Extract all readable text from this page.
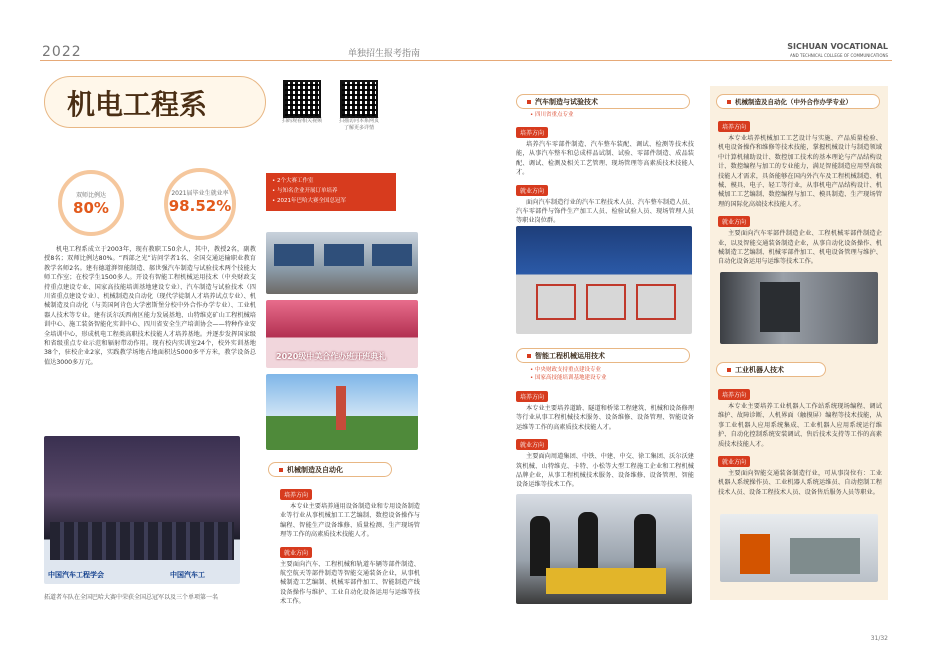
2022	单独招生报考指南
SICHUAN VOCATIONAL
AND TECHNICAL COLLEGE OF COMMUNICATIONS
机电工程系	扫码观看相关视频	扫描访问本系网页
了解更多详情
双师比例达
80%
2021届毕业生就业率
98.52%
机电工程系成立于2003年，现有教职工50余人，其中，教授2名，副教授8名；双师比例达80%。“西部之光”访问学者1名、全国交通运输职业教育教学名师2名。建有德道湃智能制造、郝世强汽车制造与试验技术两个技能大师工作室；在校学生1500多人。开设有智能工程机械运用技术（中央财政支持重点建设专业、国家高技能培训基地建设专业）、汽车制造与试验技术（四川省重点建设专业）、机械制造及自动化（现代学徒制人才培养试点专业）、机械制造及自动化（与美国阿肯色大学密斯堡分校中外合作办学专业）、工业机器人技术等专业。建有沃尔沃西南区能力发展基地、山特维克矿山工程机械培训中心、施工装备智能化实训中心、四川省安全生产培训协会——特种作业安全培训中心，形成机电工程类高职技术技能人才培养基地。并逐步发挥国家级和省级重点专业示范和辐射带动作用。现有校内实训室24个，校外实训基地38个，驻校企业2家，实践教学场地占地面积达5000多平方米，教学设备总值达3000多万元。
中国汽车工程学会	中国汽车工
拓道者车队在全国巴哈大赛中荣获全国总冠军以及三个单项第一名
• 2个大赛工作室
• 与知名企业开展订单培养
• 2021年巴哈大赛全国总冠军
2020级中美合作办班开班典礼
机械制造及自动化
培养方向
本专业主要培养通用设备制造业和专用设备制造业等行业从事机械加工工艺编制、数控设备操作与编程、智能生产设备维修、质量检测、生产现场管理等工作的高素质技术技能人才。
就业方向
主要面向汽车、工程机械和轨道车辆等部件制造、航空航天等部件制造等智能交通装备企业，从事机械制造工艺编制、机械零部件加工、智能制造产线设备操作与维护、工业自动化设备运用与运维等技术工作。
汽车制造与试验技术
• 四川省重点专业
培养方向
培养汽车零部件制造、汽车整车装配、调试、检测等技术技能，从事汽车整车和总成样品试制、试验、零部件制造、成品装配、调试、检测及相关工艺管理、现场管理等高素质技术技能人才。
就业方向
面向汽车制造行业的汽车工程技术人员、汽车整车制造人员、汽车零部件与饰件生产加工人员、检验试验人员、现场管理人员等职业岗位群。
智能工程机械运用技术
• 中央财政支持重点建设专业
• 国家高技能培训基地建设专业
培养方向
本专业主要培养道路、隧道和桥梁工程建筑、机械和设备修理等行业从事工程机械技术服务、设备维修、设备管理、智能设备运维等工作的高素质技术技能人才。
就业方向
主要面向周道集团、中铁、中建、中交、徐工集团、沃尔沃建筑机械、山特维克、卡特、小松等大型工程施工企业和工程机械品牌企业，从事工程机械技术服务、设备维修、设备管理、智能设备运维等技术工作。
机械制造及自动化（中外合作办学专业）
培养方向
本专业培养机械加工工艺设计与实施、产品质量检验、机电设备操作和维修等技术技能，掌握机械设计与制造领域中计算机辅助设计、数控加工技术的基本理论与产品结构设计、数控编程与加工的专业能力，满足智能制造应用型高级技能人才需求，具备能够在国内外汽车及工程机械制造、机械、模具、电子、轻工等行业，从事机电产品结构设计、机械加工工艺编制、数控编程与加工、模具制造、生产现场管理的国际化高端技术技能人才。
就业方向
主要面向汽车零部件制造企业、工程机械零部件制造企业，以及智能交通装备制造企业，从事自动化设备操作、机械制造工艺编制、机械零部件加工、机电设备管理与维护、自动化设备运用与运维等技术工作。
工业机器人技术
培养方向
本专业主要培养工业机器人工作站系统现场编程、调试维护、故障诊断、人机界面（触摸屏）编程等技术技能，从事工业机器人应用系统集成、工业机器人应用系统运行维护、自动化控制系统安装调试、售后技术支持等工作的高素质技术技能人才。
就业方向
主要面向智能交通装备制造行业，可从事岗位有：工业机器人系统操作员、工业机器人系统运维员、自动控制工程技术人员、设备工程技术人员、设备售后服务人员等职业。
31/32
